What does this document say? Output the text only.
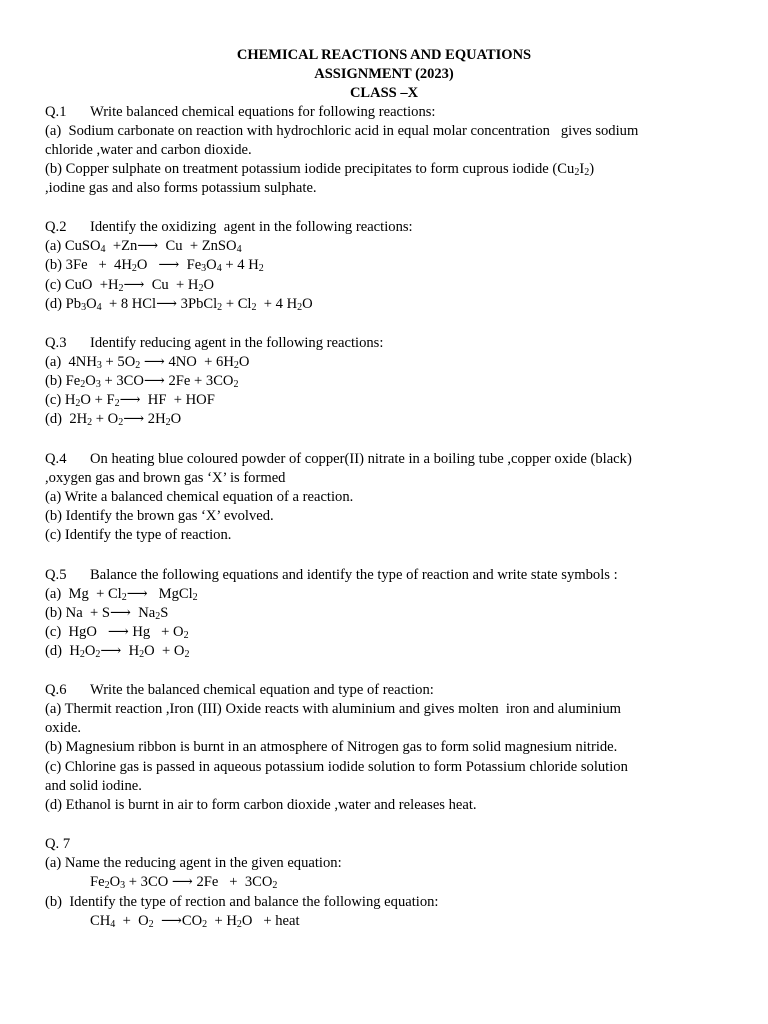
CHEMICAL REACTIONS AND EQUATIONS
ASSIGNMENT (2023)
CLASS –X
Q.1 Write balanced chemical equations for following reactions:
(a)  Sodium carbonate on reaction with hydrochloric acid in equal molar concentration   gives sodium
chloride ,water and carbon dioxide.
(b) Copper sulphate on treatment potassium iodide precipitates to form cuprous iodide $(Cu_2I_2)$
,iodine gas and also forms potassium sulphate.
Q.2 Identify the oxidizing  agent in the following reactions:
(a) CuSO$_4$  +Zn⟶  Cu  + ZnSO$_4$
(b) $3Fe + 4H_2O$   ⟶  $Fe_3O_4 + 4$ $H_2$
(c) CuO  $+H_2⟶$  $Cu + H_2O$
(d) $Pb_3O_4 + 8$ HCl⟶ 3PbCl$_2$ + $Cl_2 + 4$ $H_2O$
Q.3 Identify reducing agent in the following reactions:
(a)  $4NH_3 + 5O_2$ ⟶ $4NO + 6H_2O$
(b) $Fe_2O_3$ + 3CO⟶ $2Fe + 3CO_2$
(c) $H_2O$ + $F_2⟶$  HF  + HOF
(d)  $2H_2$ + $O_2⟶$ $2H_2O$
Q.4 On heating blue coloured powder of copper(II) nitrate in a boiling tube ,copper oxide (black)
,oxygen gas and brown gas ‘X’ is formed
(a) Write a balanced chemical equation of a reaction.
(b) Identify the brown gas ‘X’ evolved.
(c) Identify the type of reaction.
Q.5 Balance the following equations and identify the type of reaction and write state symbols :
(a)  $Mg + Cl_2⟶$   MgCl$_2$
(b) Na  + S⟶  $Na_2S$
(c)  HgO   ⟶ $Hg + O_2$
(d)  $H_2O_2⟶$  $H_2O + O_2$
Q.6 Write the balanced chemical equation and type of reaction:
(a) Thermit reaction ,Iron (III) Oxide reacts with aluminium and gives molten  iron and aluminium
oxide.
(b) Magnesium ribbon is burnt in an atmosphere of Nitrogen gas to form solid magnesium nitride.
(c) Chlorine gas is passed in aqueous potassium iodide solution to form Potassium chloride solution
and solid iodine.
(d) Ethanol is burnt in air to form carbon dioxide ,water and releases heat.
Q. 7
(a) Name the reducing agent in the given equation:
$Fe_2O_3 + 3CO$ ⟶ $2Fe + 3CO_2$
(b)  Identify the type of rection and balance the following equation:
$CH_4 + O_2$  $⟶CO_2 + H_2O$   + heat
